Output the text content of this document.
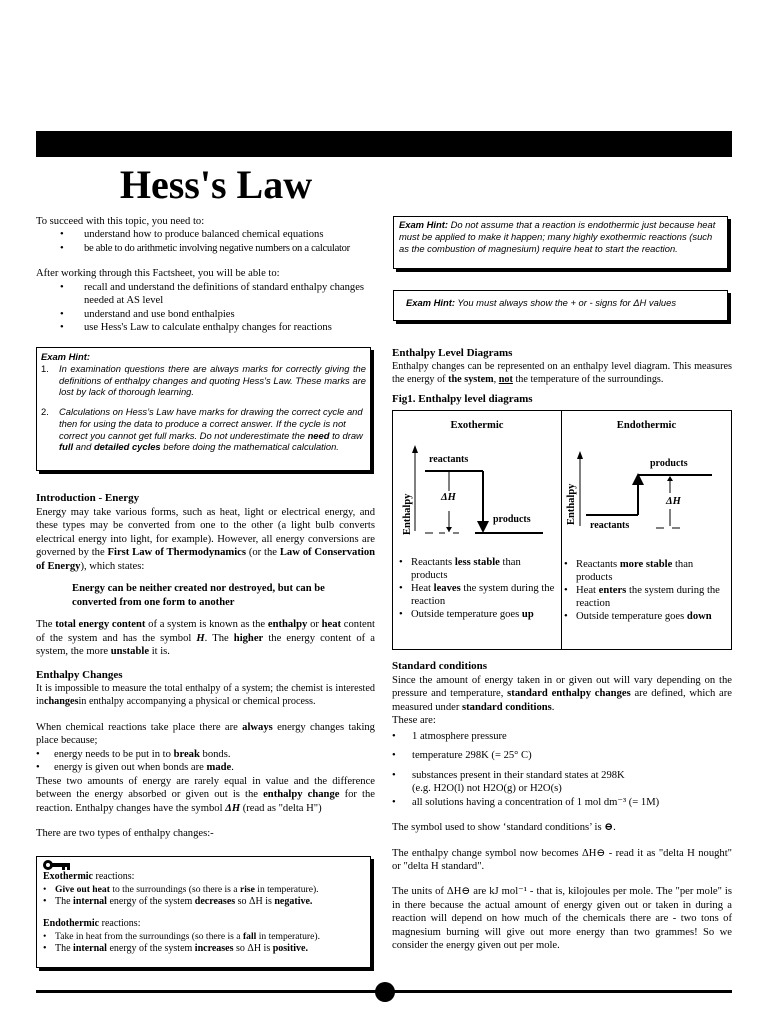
Hess's Law

To succeed with this topic, you need to:

• understand how to produce balanced chemical equations
• be able to do arithmetic involving negative numbers on a calculator

After working through this Factsheet, you will be able to:

• recall and understand the definitions of standard enthalpy changes needed at AS level
• understand and use bond enthalpies
• use Hess's Law to calculate enthalpy changes for reactions
Exam Hint:
1.	In examination questions there are always marks for correctly giving the definitions of enthalpy changes and quoting Hess’s Law. These marks are lost by lack of thorough learning.
2.	Calculations on Hess’s Law have marks for drawing the correct cycle and then for using the data to produce a correct answer. If the cycle is not correct you cannot get full marks. Do not underestimate the need to draw full and detailed cycles before doing the mathematical calculation.
Introduction - Energy

Energy may take various forms, such as heat, light or electrical energy, and these types may be converted from one to the other (a light bulb converts electrical energy into light, for example). However, all energy conversions are governed by the First Law of Thermodynamics (or the Law of Conservation of Energy), which states:

Energy can be neither created nor destroyed, but can be converted from one form to another

The total energy content of a system is known as the enthalpy or heat content of the system and has the symbol H. The higher the energy content of a system, the more unstable it is.

Enthalpy Changes

It is impossible to measure the total enthalpy of a system; the chemist is interested inchangesin enthalpy accompanying a physical or chemical process.

When chemical reactions take place there are always energy changes taking place because;

• energy needs to be put in to break bonds.
• energy is given out when bonds are made.

These two amounts of energy are rarely equal in value and the difference between the energy absorbed or given out is the enthalpy change for the reaction. Enthalpy changes have the symbol ΔH (read as "delta H")

There are two types of enthalpy changes:-

Exothermic reactions:
• Give out heat to the surroundings (so there is a rise in temperature).
• The internal energy of the system decreases so ΔH is negative.
Endothermic reactions:
• Take in heat from the surroundings (so there is a fall in temperature).
• The internal energy of the system increases so ΔH is positive.
Exam Hint: Do not assume that a reaction is endothermic just because heat must be applied to make it happen; many highly exothermic reactions (such as the combustion of magnesium) require heat to start the reaction.
Exam Hint: You must always show the + or - signs for ΔH values
Enthalpy Level Diagrams

Enthalpy changes can be represented on an enthalpy level diagram. This measures the energy of the system, not the temperature of the surroundings.

Fig1. Enthalpy level diagrams
Exothermic
Enthalpy
reactants
ΔH
products
• Reactants less stable than products
• Heat leaves the system during the reaction
• Outside temperature goes up
Endothermic
Enthalpy
products
ΔH
reactants
• Reactants more stable than products
• Heat enters the system during the reaction
• Outside temperature goes down
Standard conditions

Since the amount of energy taken in or given out will vary depending on the pressure and temperature, standard enthalpy changes are defined, which are measured under standard conditions.

These are:

• 1 atmosphere pressure
• temperature 298K (= 25° C)
• substances present in their standard states at 298K
(e.g. H2O(l) not H2O(g) or H2O(s)
• all solutions having a concentration of 1 mol dm⁻³ (= 1M)

The symbol used to show ‘standard conditions’ is ⊖.

The enthalpy change symbol now becomes ΔH⊖ - read it as "delta H nought" or "delta H standard".

The units of ΔH⊖ are kJ mol⁻¹ - that is, kilojoules per mole. The "per mole" is in there because the actual amount of energy given out or taken in during a reaction will depend on how much of the chemicals there are - two tons of magnesium burning will give out more energy than two grammes! So we consider the energy given out per mole.
